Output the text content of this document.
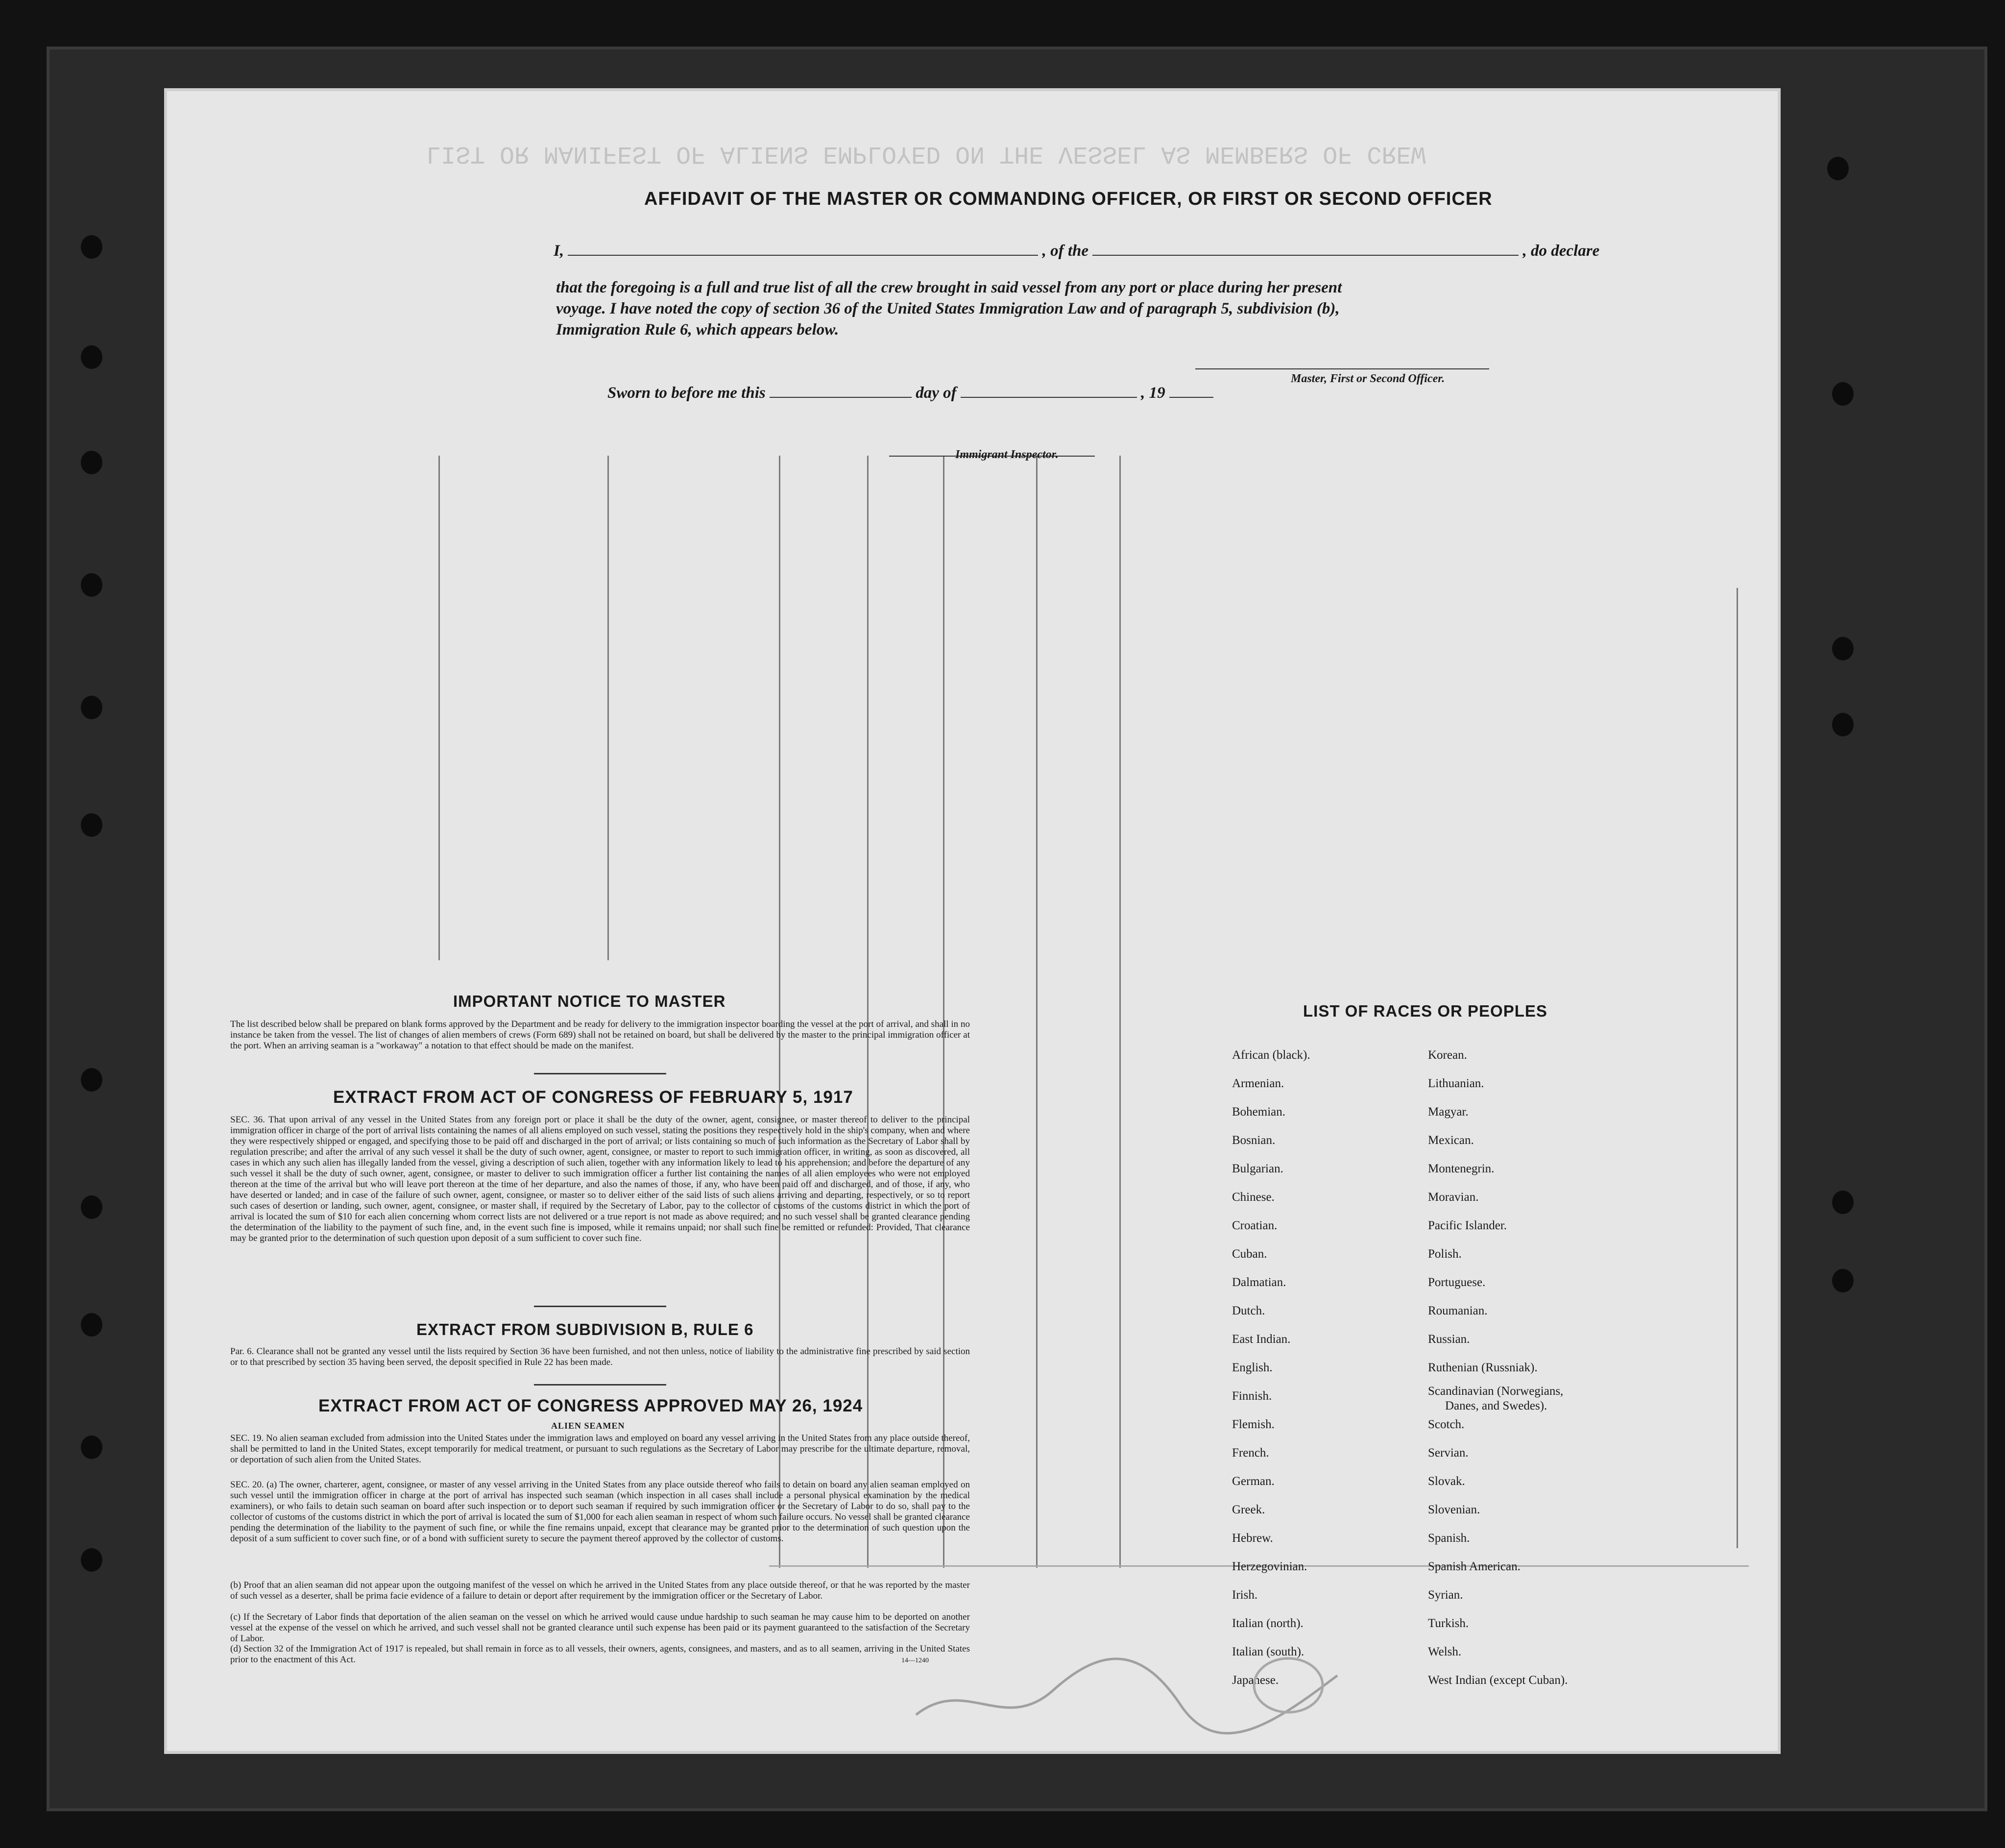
LIST OR MANIFEST OF ALIENS EMPLOYED ON THE VESSEL AS MEMBERS OF CREW
AFFIDAVIT OF THE MASTER OR COMMANDING OFFICER, OR FIRST OR SECOND OFFICER
I,	, of the	, do declare
that the foregoing is a full and true list of all the crew brought in said vessel from any port or place during her present
voyage. I have noted the copy of section 36 of the United States Immigration Law and of paragraph 5, subdivision (b),
Immigration Rule 6, which appears below.
Master, First or Second Officer.
Sworn to before me this	day of	, 19
Immigrant Inspector.
IMPORTANT NOTICE TO MASTER
The list described below shall be prepared on blank forms approved by the Department and be ready for delivery to the immigration inspector boarding the vessel at the port of arrival, and shall in no instance be taken from the vessel. The list of changes of alien members of crews (Form 689) shall not be retained on board, but shall be delivered by the master to the principal immigration officer at the port. When an arriving seaman is a "workaway" a notation to that effect should be made on the manifest.
EXTRACT FROM ACT OF CONGRESS OF FEBRUARY 5, 1917
SEC. 36. That upon arrival of any vessel in the United States from any foreign port or place it shall be the duty of the owner, agent, consignee, or master thereof to deliver to the principal immigration officer in charge of the port of arrival lists containing the names of all aliens employed on such vessel, stating the positions they respectively hold in the ship's company, when and where they were respectively shipped or engaged, and specifying those to be paid off and discharged in the port of arrival; or lists containing so much of such information as the Secretary of Labor shall by regulation prescribe; and after the arrival of any such vessel it shall be the duty of such owner, agent, consignee, or master to report to such immigration officer, in writing, as soon as discovered, all cases in which any such alien has illegally landed from the vessel, giving a description of such alien, together with any information likely to lead to his apprehension; and before the departure of any such vessel it shall be the duty of such owner, agent, consignee, or master to deliver to such immigration officer a further list containing the names of all alien employees who were not employed thereon at the time of the arrival but who will leave port thereon at the time of her departure, and also the names of those, if any, who have been paid off and discharged, and of those, if any, who have deserted or landed; and in case of the failure of such owner, agent, consignee, or master so to deliver either of the said lists of such aliens arriving and departing, respectively, or so to report such cases of desertion or landing, such owner, agent, consignee, or master shall, if required by the Secretary of Labor, pay to the collector of customs of the customs district in which the port of arrival is located the sum of $10 for each alien concerning whom correct lists are not delivered or a true report is not made as above required; and no such vessel shall be granted clearance pending the determination of the liability to the payment of such fine, and, in the event such fine is imposed, while it remains unpaid; nor shall such fine be remitted or refunded: Provided, That clearance may be granted prior to the determination of such question upon deposit of a sum sufficient to cover such fine.
EXTRACT FROM SUBDIVISION B, RULE 6
Par. 6. Clearance shall not be granted any vessel until the lists required by Section 36 have been furnished, and not then unless, notice of liability to the administrative fine prescribed by said section or to that prescribed by section 35 having been served, the deposit specified in Rule 22 has been made.
EXTRACT FROM ACT OF CONGRESS APPROVED MAY 26, 1924
ALIEN SEAMEN
SEC. 19. No alien seaman excluded from admission into the United States under the immigration laws and employed on board any vessel arriving in the United States from any place outside thereof, shall be permitted to land in the United States, except temporarily for medical treatment, or pursuant to such regulations as the Secretary of Labor may prescribe for the ultimate departure, removal, or deportation of such alien from the United States.
SEC. 20. (a) The owner, charterer, agent, consignee, or master of any vessel arriving in the United States from any place outside thereof who fails to detain on board any alien seaman employed on such vessel until the immigration officer in charge at the port of arrival has inspected such seaman (which inspection in all cases shall include a personal physical examination by the medical examiners), or who fails to detain such seaman on board after such inspection or to deport such seaman if required by such immigration officer or the Secretary of Labor to do so, shall pay to the collector of customs of the customs district in which the port of arrival is located the sum of $1,000 for each alien seaman in respect of whom such failure occurs. No vessel shall be granted clearance pending the determination of the liability to the payment of such fine, or while the fine remains unpaid, except that clearance may be granted prior to the determination of such question upon the deposit of a sum sufficient to cover such fine, or of a bond with sufficient surety to secure the payment thereof approved by the collector of customs.
(b) Proof that an alien seaman did not appear upon the outgoing manifest of the vessel on which he arrived in the United States from any place outside thereof, or that he was reported by the master of such vessel as a deserter, shall be prima facie evidence of a failure to detain or deport after requirement by the immigration officer or the Secretary of Labor.
(c) If the Secretary of Labor finds that deportation of the alien seaman on the vessel on which he arrived would cause undue hardship to such seaman he may cause him to be deported on another vessel at the expense of the vessel on which he arrived, and such vessel shall not be granted clearance until such expense has been paid or its payment guaranteed to the satisfaction of the Secretary of Labor.
(d) Section 32 of the Immigration Act of 1917 is repealed, but shall remain in force as to all vessels, their owners, agents, consignees, and masters, and as to all seamen, arriving in the United States prior to the enactment of this Act.	14—1240
LIST OF RACES OR PEOPLES
African (black).
Armenian.
Bohemian.
Bosnian.
Bulgarian.
Chinese.
Croatian.
Cuban.
Dalmatian.
Dutch.
East Indian.
English.
Finnish.
Flemish.
French.
German.
Greek.
Hebrew.
Herzegovinian.
Irish.
Italian (north).
Italian (south).
Japanese.
Korean.
Lithuanian.
Magyar.
Mexican.
Montenegrin.
Moravian.
Pacific Islander.
Polish.
Portuguese.
Roumanian.
Russian.
Ruthenian (Russniak).
Scandinavian (Norwegians,
Danes, and Swedes).
Scotch.
Servian.
Slovak.
Slovenian.
Spanish.
Spanish American.
Syrian.
Turkish.
Welsh.
West Indian (except Cuban).
